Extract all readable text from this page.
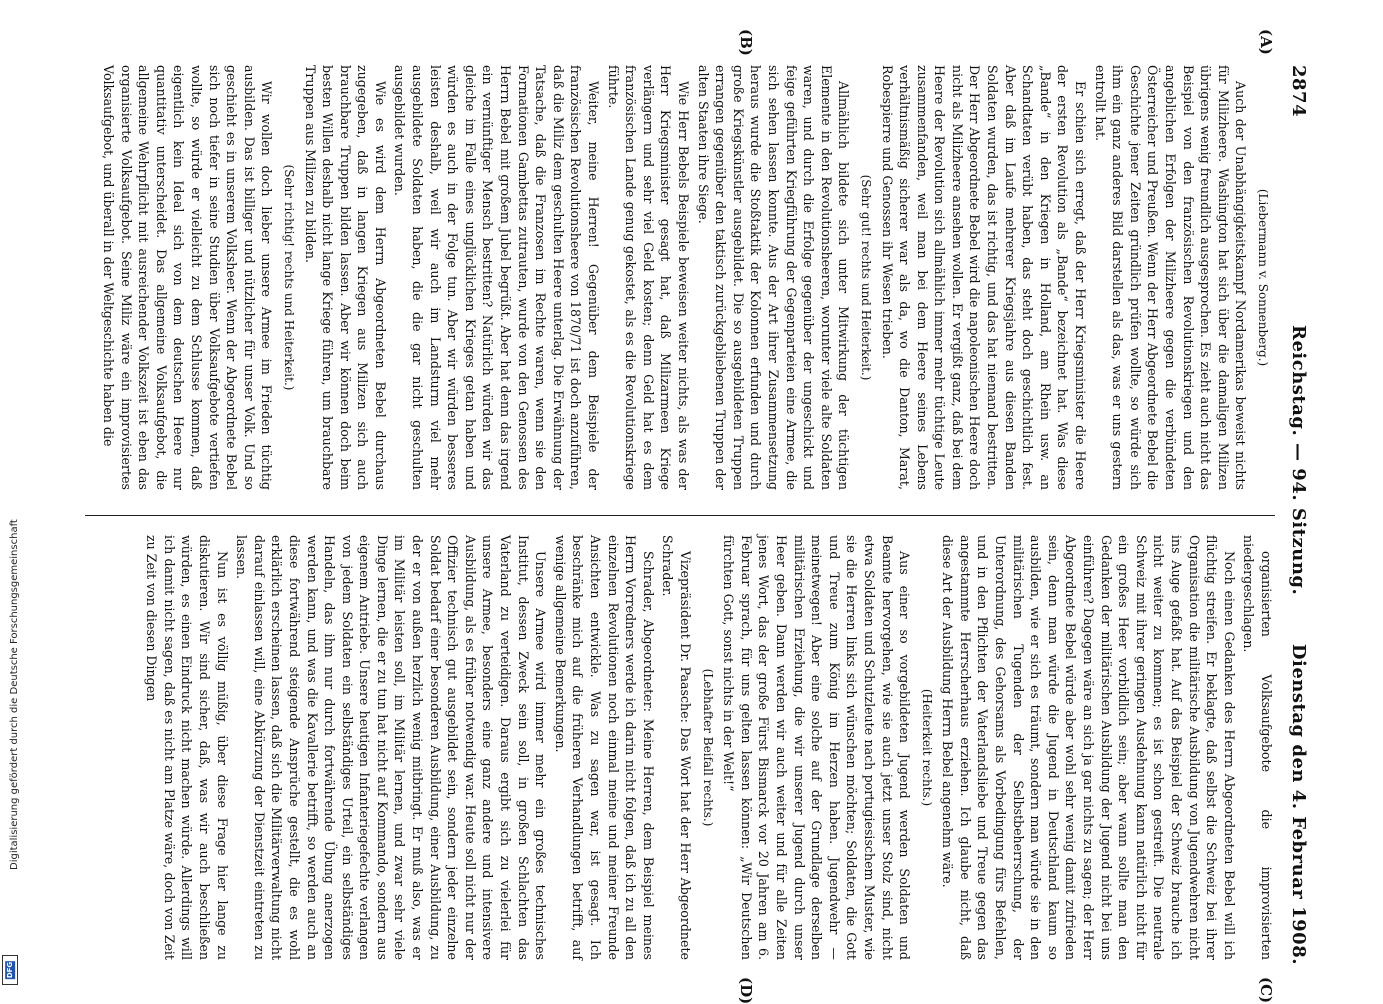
2874
Reichstag. — 94. Sitzung.
Dienstag den 4. Februar 1908.
(A)
(B)
(C)
(D)

(Liebermann v. Sonnenberg.)

Auch der Unabhängigkeitskampf Nordamerikas beweist nichts für Milizheere. Washington hat sich über die damaligen Milizen übrigens wenig freundlich ausgesprochen. Es zieht auch nicht das Beispiel von den französischen Revolutionskriegen und den angeblichen Erfolgen der Milizheere gegen die verbündeten Österreicher und Preußen. Wenn der Herr Abgeordnete Bebel die Geschichte jener Zeiten gründlich prüfen wollte, so würde sich ihm ein ganz anderes Bild darstellen als das, was er uns gestern entrollt hat.

Er schien sich erregt, daß der Herr Kriegsminister die Heere der ersten Revolution als „Bande“ bezeichnet hat. Was diese „Bande“ in den Kriegen in Holland, am Rhein usw. an Schandtaten verübt haben, das steht doch geschichtlich fest. Aber daß im Laufe mehrerer Kriegsjahre aus diesen Banden Soldaten wurden, das ist richtig, und das hat niemand bestritten. Der Herr Abgeordnete Bebel wird die napoleonischen Heere doch nicht als Milizheere ansehen wollen. Er vergißt ganz, daß bei dem Heere der Revolution sich allmählich immer mehr tüchtige Leute zusammenfanden, weil man bei dem Heere seines Lebens verhältnismäßig sicherer war als da, wo die Danton, Marat, Robespierre und Genossen ihr Wesen trieben.

(Sehr gut! rechts und Heiterkeit.)

Allmählich bildete sich unter Mitwirkung der tüchtigen Elemente in den Revolutionsheeren, worunter viele alte Soldaten waren, und durch die Erfolge gegenüber der ungeschickt und feige geführten Kriegführung der Gegenparteien eine Armee, die sich sehen lassen konnte. Aus der Art ihrer Zusammensetzung heraus wurde die Stoßtaktik der Kolonnen erfunden und durch große Kriegskünstler ausgebildet. Die so ausgebildeten Truppen errangen gegenüber den taktisch zurückgebliebenen Truppen der alten Staaten ihre Siege.

Wie Herr Bebels Beispiele beweisen weiter nichts, als was der Herr Kriegsminister gesagt hat, daß Milizarmeen Kriege verlängern und sehr viel Geld kosten; denn Geld hat es dem französischen Lande genug gekostet, als es die Revolutionskriege führte.

Weiter, meine Herren! Gegenüber dem Beispiele der französischen Revolutionsheere von 1870/71 ist doch anzuführen, daß die Miliz dem geschulten Heere unterlag. Die Erwähnung der Tatsache, daß die Franzosen im Rechte waren, wenn sie den Formationen Gambettas zutrauten, wurde von den Genossen des Herrn Bebel mit großem Jubel begrüßt. Aber hat denn das irgend ein vernünftiger Mensch bestritten? Natürlich würden wir das gleiche im Falle eines unglücklichen Krieges getan haben und würden es auch in der Folge tun. Aber wir würden besseres leisten deshalb, weil wir auch im Landsturm viel mehr ausgebildete Soldaten haben, die die gar nicht geschulten ausgebildet wurden.

Wie es wird dem Herrn Abgeordneten Bebel durchaus zugegeben, daß in langen Kriegen aus Milizen sich auch brauchbare Truppen bilden lassen. Aber wir können doch beim besten Willen deshalb nicht lange Kriege führen, um brauchbare Truppen aus Milizen zu bilden.

(Sehr richtig! rechts und Heiterkeit.)

Wir wollen doch lieber unsere Armee im Frieden tüchtig ausbilden. Das ist billiger und nützlicher für unser Volk. Und so geschieht es in unserem Volksheer. Wenn der Abgeordnete Bebel sich noch tiefer in seine Studien über Volksaufgebote vertiefen wollte, so würde er vielleicht zu dem Schlusse kommen, daß eigentlich kein Ideal sich von dem deutschen Heere nur quantitativ unterscheidet. Das allgemeine Volksaufgebot, die allgemeine Wehrpflicht mit ausreichender Volkszeit ist eben das organisierte Volksaufgebot. Seine Miliz wäre ein improvisiertes Volksaufgebot, und überall in der Weltgeschichte haben die

organisierten Volksaufgebote die improvisierten niedergeschlagen.

Noch einen Gedanken des Herrn Abgeordneten Bebel will ich flüchtig streifen. Er beklagte, daß selbst die Schweiz bei ihrer Organisation die militärische Ausbildung von Jugendwehren nicht ins Auge gefaßt hat. Auf das Beispiel der Schweiz brauche ich nicht weiter zu kommen; es ist schon gestreift. Die neutrale Schweiz mit ihrer geringen Ausdehnung kann natürlich nicht für ein großes Heer vorbildlich sein; aber wann sollte man den Gedanken der militärischen Ausbildung der Jugend nicht bei uns einführen? Dagegen wäre an sich ja gar nichts zu sagen; der Herr Abgeordnete Bebel würde aber wohl sehr wenig damit zufrieden sein, denn man würde die Jugend in Deutschland kaum so ausbilden, wie er sich es träumt, sondern man würde sie in den militärischen Tugenden der Selbstbeherrschung, der Unterordnung, des Gehorsams als Vorbedingung fürs Befehlen, und in den Pflichten der Vaterlandsliebe und Treue gegen das angestammte Herrscherhaus erziehen. Ich glaube nicht, daß diese Art der Ausbildung Herrn Bebel angenehm wäre.

(Heiterkeit rechts.)

Aus einer so vorgebildeten Jugend werden Soldaten und Beamte hervorgehen, wie sie auch jetzt unser Stolz sind, nicht etwa Soldaten und Schutzleute nach portugiesischem Muster, wie sie die Herren links sich wünschen möchten; Soldaten, die Gott und Treue zum König im Herzen haben. Jugendwehr — meinetwegen! Aber eine solche auf der Grundlage derselben militärischen Erziehung, die wir unserer Jugend durch unser Heer geben. Dann werden wir auch weiter und für alle Zeiten jenes Wort, das der große Fürst Bismarck vor 20 Jahren am 6. Februar sprach, für uns gelten lassen können: „Wir Deutschen fürchten Gott, sonst nichts in der Welt!“

(Lebhafter Beifall rechts.)

Vizepräsident Dr. Paasche: Das Wort hat der Herr Abgeordnete Schrader.

Schrader, Abgeordneter: Meine Herren, dem Beispiel meines Herrn Vorredners werde ich darin nicht folgen, daß ich zu all den einzelnen Revolutionen noch einmal meine und meiner Freunde Ansichten entwickle. Was zu sagen war, ist gesagt. Ich beschränke mich auf die früheren Verhandlungen betrifft, auf wenige allgemeine Bemerkungen.

Unsere Armee wird immer mehr ein großes technisches Institut, dessen Zweck sein soll, in großen Schlachten das Vaterland zu verteidigen. Daraus ergibt sich zu vielerlei für unsere Armee, besonders eine ganz andere und intensivere Ausbildung, als es früher notwendig war. Heute soll nicht nur der Offizier technisch gut ausgebildet sein, sondern jeder einzelne Soldat bedarf einer besonderen Ausbildung, einer Ausbildung, zu der er von außen herzlich wenig mitbringt. Er muß also, was er im Militär leisten soll, im Militär lernen, und zwar sehr viele Dinge lernen, die er zu tun hat nicht auf Kommando, sondern aus eigenem Antriebe. Unsere heutigen Infanteriegefechte verlangen von jedem Soldaten ein selbständiges Urteil, ein selbständiges Handeln, das ihm nur durch fortwährende Übung anerzogen werden kann, und was die Kavallerie betrifft, so werden auch an diese fortwährend steigende Ansprüche gestellt, die es wohl erklärlich erscheinen lassen, daß sich die Militärverwaltung nicht darauf einlassen will, eine Abkürzung der Dienstzeit eintreten zu lassen.

Nun ist es völlig müßig, über diese Frage hier lange zu diskutieren. Wir sind sicher, daß, was wir auch beschließen würden, es einen Eindruck nicht machen würde. Allerdings will ich damit nicht sagen, daß es nicht am Platze wäre, doch von Zeit zu Zeit von diesen Dingen

Digitalisierung gefördert durch die Deutsche Forschungsgemeinschaft
DFG
